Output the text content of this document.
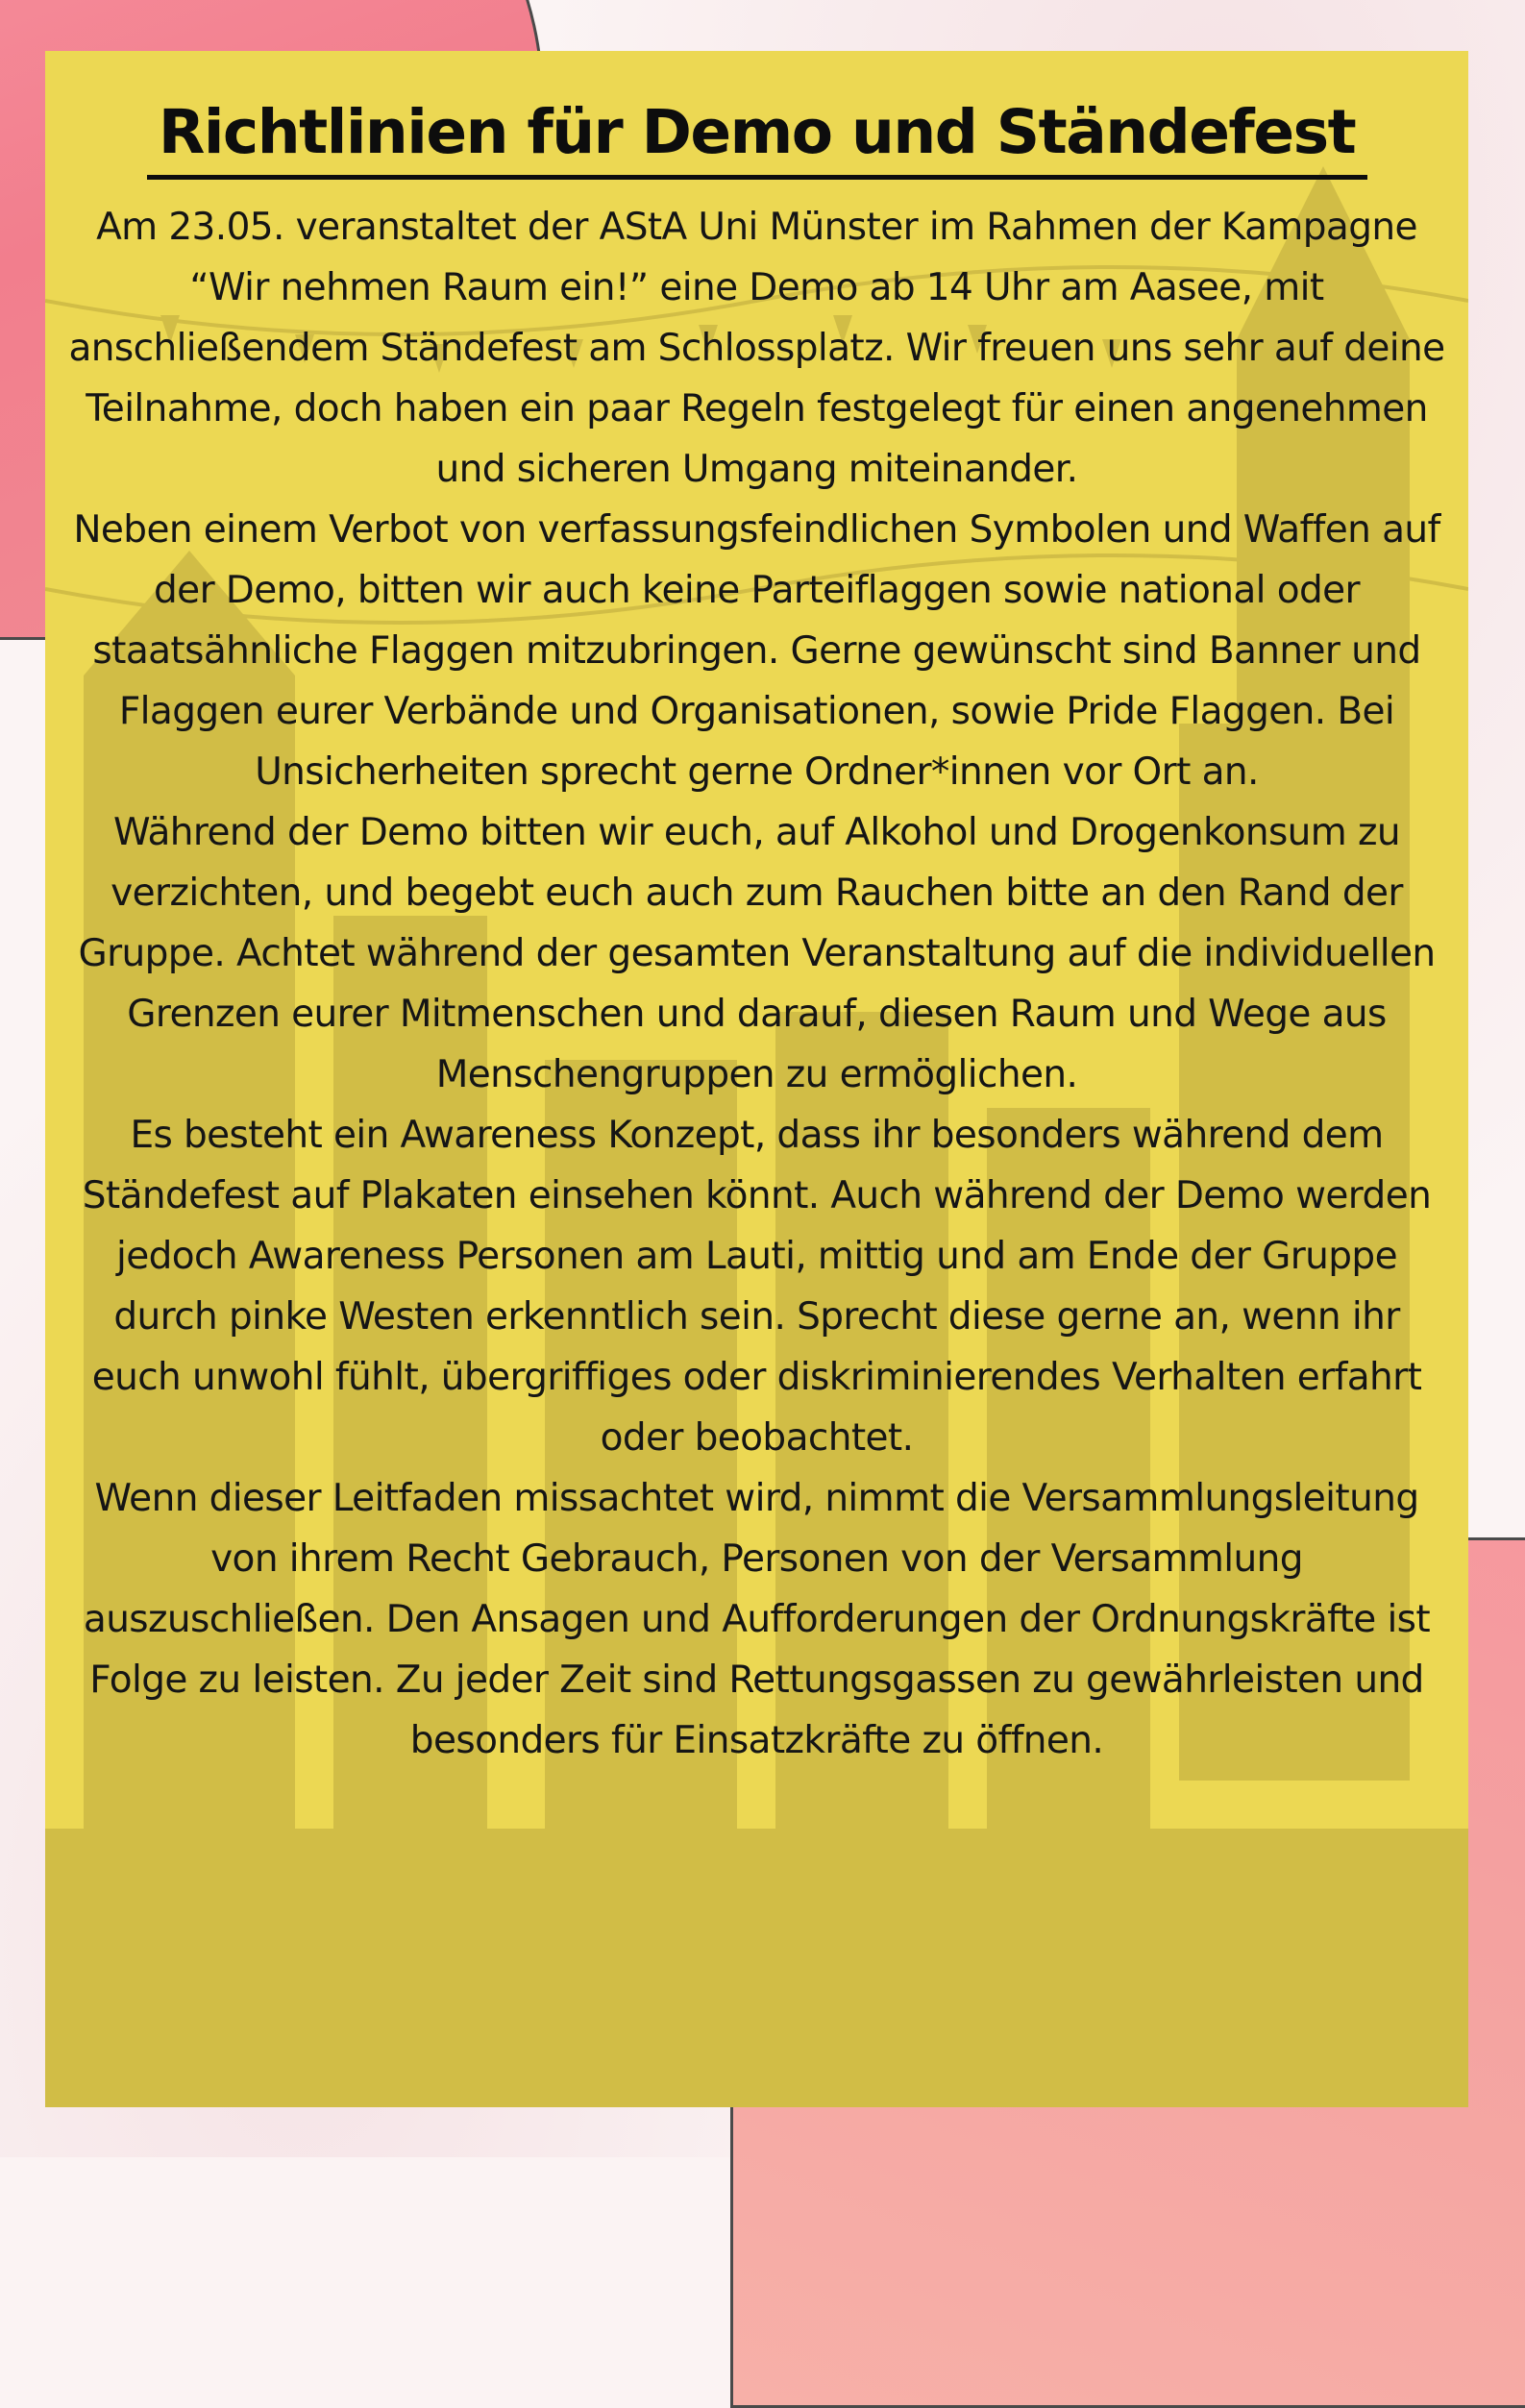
Richtlinien für Demo und Ständefest

Am 23.05. veranstaltet der AStA Uni Münster im Rahmen der Kampagne “Wir nehmen Raum ein!” eine Demo ab 14 Uhr am Aasee, mit anschließendem Ständefest am Schlossplatz. Wir freuen uns sehr auf deine Teilnahme, doch haben ein paar Regeln festgelegt für einen angenehmen und sicheren Umgang miteinander.

Neben einem Verbot von verfassungsfeindlichen Symbolen und Waffen auf der Demo, bitten wir auch keine Parteiflaggen sowie national oder staatsähnliche Flaggen mitzubringen. Gerne gewünscht sind Banner und Flaggen eurer Verbände und Organisationen, sowie Pride Flaggen. Bei Unsicherheiten sprecht gerne Ordner*innen vor Ort an.

Während der Demo bitten wir euch, auf Alkohol und Drogenkonsum zu verzichten, und begebt euch auch zum Rauchen bitte an den Rand der Gruppe. Achtet während der gesamten Veranstaltung auf die individuellen Grenzen eurer Mitmenschen und darauf, diesen Raum und Wege aus Menschengruppen zu ermöglichen.

Es besteht ein Awareness Konzept, dass ihr besonders während dem Ständefest auf Plakaten einsehen könnt. Auch während der Demo werden jedoch Awareness Personen am Lauti, mittig und am Ende der Gruppe durch pinke Westen erkenntlich sein. Sprecht diese gerne an, wenn ihr euch unwohl fühlt, übergriffiges oder diskriminierendes Verhalten erfahrt oder beobachtet.

Wenn dieser Leitfaden missachtet wird, nimmt die Versammlungsleitung von ihrem Recht Gebrauch, Personen von der Versammlung auszuschließen. Den Ansagen und Aufforderungen der Ordnungskräfte ist Folge zu leisten. Zu jeder Zeit sind Rettungsgassen zu gewährleisten und besonders für Einsatzkräfte zu öffnen.
